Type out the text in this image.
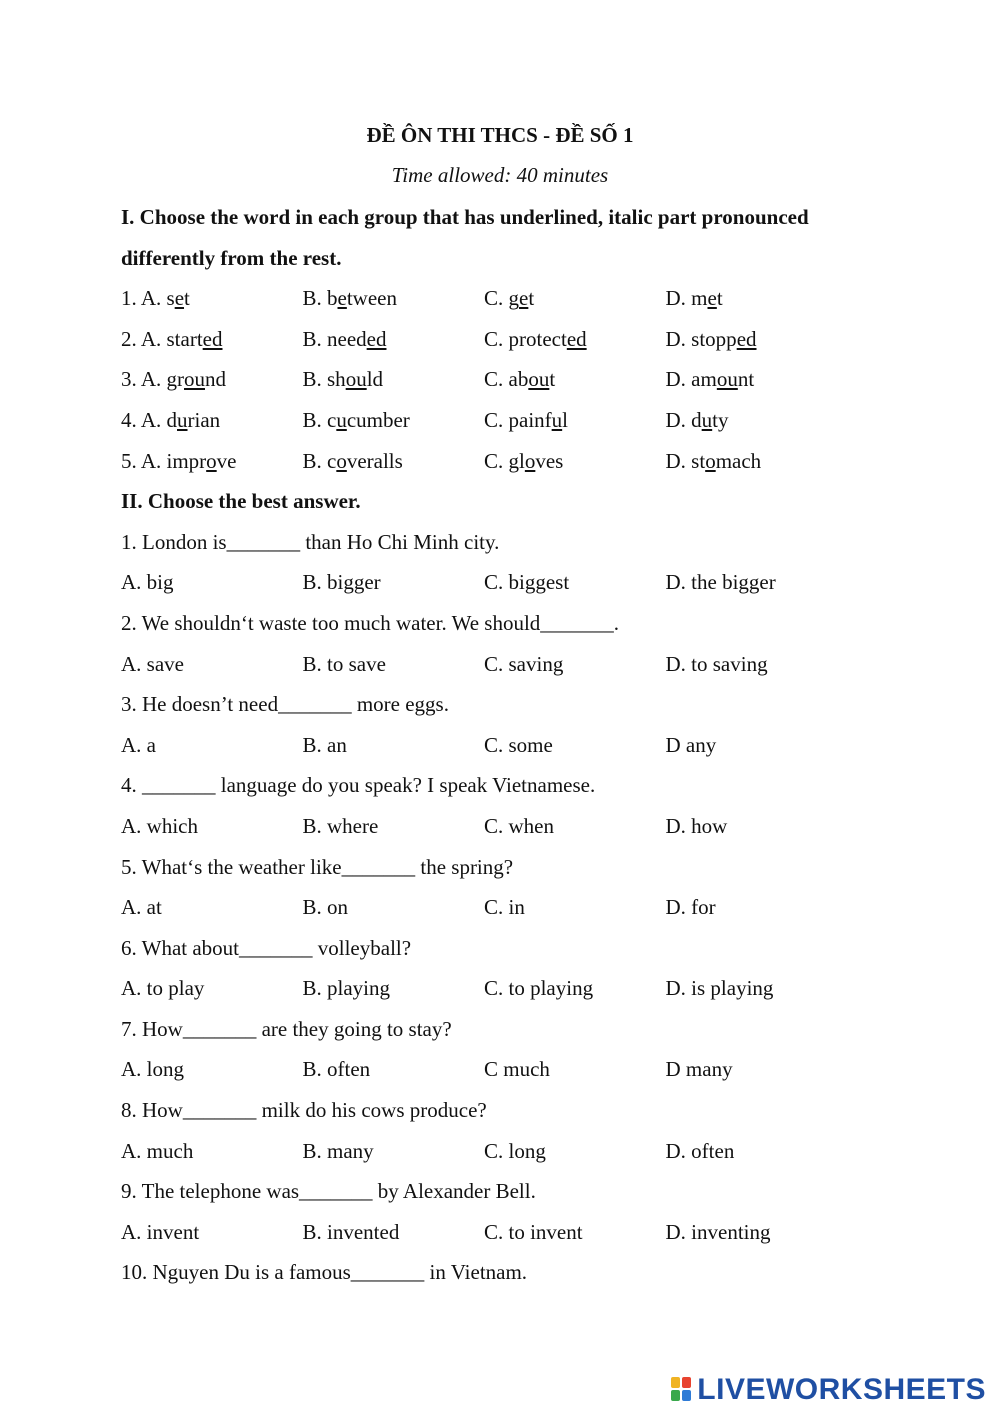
ĐỀ ÔN THI THCS - ĐỀ SỐ 1
Time allowed: 40 minutes
I. Choose the word in each group that has underlined, italic part pronounced
differently from the rest.
1. A. set	B. between	C. get	D. met
2. A. started	B. needed	C. protected	D. stopped
3. A. ground	B. should	C. about	D. amount
4. A. durian	B. cucumber	C. painful	D. duty
5. A. improve	B. coveralls	C. gloves	D. stomach
II. Choose the best answer.
1. London is_______ than Ho Chi Minh city.
A. big	B. bigger	C. biggest	D. the bigger
2. We shouldn‘t waste too much water. We should_______.
A. save	B. to save	C. saving	D. to saving
3. He doesn’t need_______ more eggs.
A. a	B. an	C. some	D any
4. _______ language do you speak? I speak Vietnamese.
A. which	B. where	C. when	D. how
5. What‘s the weather like_______ the spring?
A. at	B. on	C. in	D. for
6. What about_______ volleyball?
A. to play	B. playing	C. to playing	D. is playing
7. How_______ are they going to stay?
A. long	B. often	C much	D many
8. How_______ milk do his cows produce?
A. much	B. many	C. long	D. often
9. The telephone was_______ by Alexander Bell.
A. invent	B. invented	C. to invent	D. inventing
10. Nguyen Du is a famous_______ in Vietnam.
LIVEWORKSHEETS
